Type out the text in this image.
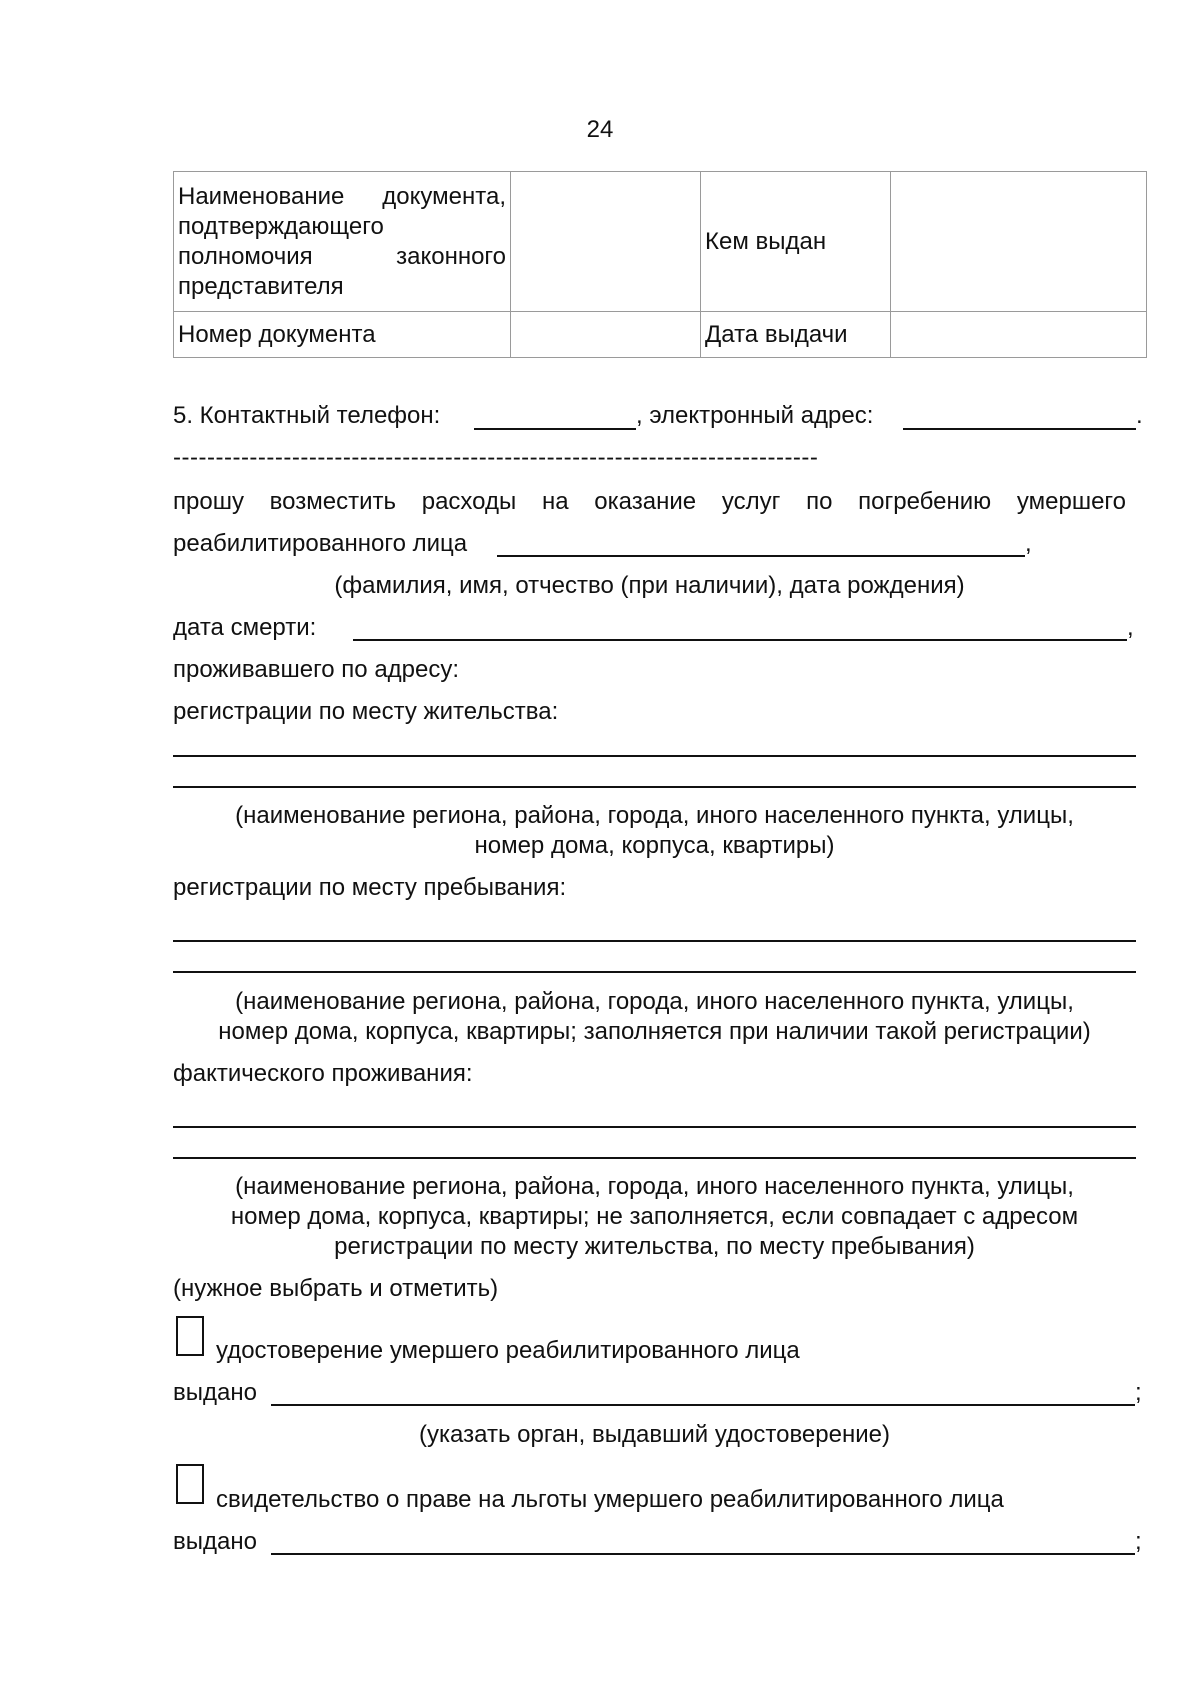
24
Наименование документа, подтверждающего полномочия законного представителя		Кем выдан	
Номер документа		Дата выдачи	
5. Контактный телефон:	, электронный адрес:	.
----------------------------------------------------------------------------
прошу возместить расходы на оказание услуг по погребению умершего
реабилитированного лица	,
(фамилия, имя, отчество (при наличии), дата рождения)
дата смерти:	,
проживавшего по адресу:
регистрации по месту жительства:
(наименование региона, района, города, иного населенного пункта, улицы,
номер дома, корпуса, квартиры)
регистрации по месту пребывания:
(наименование региона, района, города, иного населенного пункта, улицы,
номер дома, корпуса, квартиры; заполняется при наличии такой регистрации)
фактического проживания:
(наименование региона, района, города, иного населенного пункта, улицы,
номер дома, корпуса, квартиры; не заполняется, если совпадает с адресом
регистрации по месту жительства, по месту пребывания)
(нужное выбрать и отметить)
удостоверение умершего реабилитированного лица
выдано	;
(указать орган, выдавший удостоверение)
свидетельство о праве на льготы умершего реабилитированного лица
выдано	;
